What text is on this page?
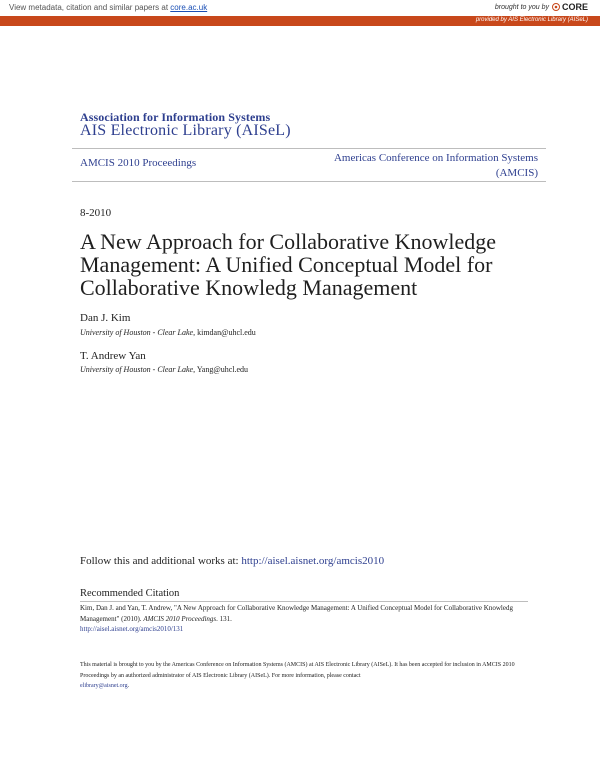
View metadata, citation and similar papers at core.ac.uk	brought to you by CORE
provided by AIS Electronic Library (AISeL)
Association for Information Systems
AIS Electronic Library (AISeL)
AMCIS 2010 Proceedings	Americas Conference on Information Systems (AMCIS)
8-2010
A New Approach for Collaborative Knowledge Management: A Unified Conceptual Model for Collaborative Knowledg Management
Dan J. Kim
University of Houston - Clear Lake, kimdan@uhcl.edu
T. Andrew Yan
University of Houston - Clear Lake, Yang@uhcl.edu
Follow this and additional works at: http://aisel.aisnet.org/amcis2010
Recommended Citation
Kim, Dan J. and Yan, T. Andrew, "A New Approach for Collaborative Knowledge Management: A Unified Conceptual Model for Collaborative Knowledg Management" (2010). AMCIS 2010 Proceedings. 131.
http://aisel.aisnet.org/amcis2010/131
This material is brought to you by the Americas Conference on Information Systems (AMCIS) at AIS Electronic Library (AISeL). It has been accepted for inclusion in AMCIS 2010 Proceedings by an authorized administrator of AIS Electronic Library (AISeL). For more information, please contact
elibrary@aisnet.org.
